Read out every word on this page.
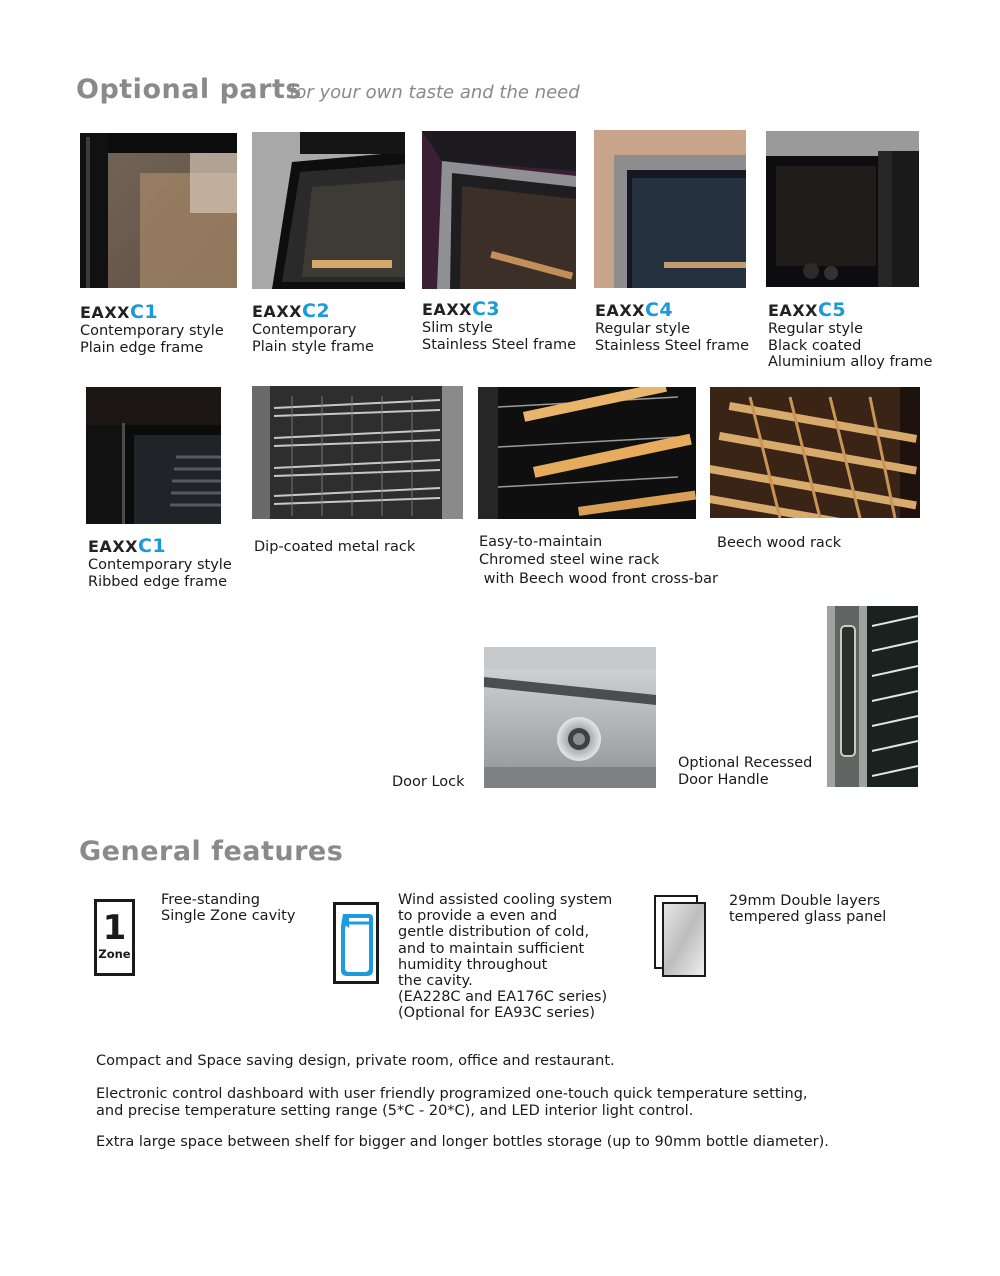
Optional parts
for your own taste and the need
EAXXC1
Contemporary style
Plain edge frame
EAXXC2
Contemporary
Plain style frame
EAXXC3
Slim style
Stainless Steel frame
EAXXC4
Regular style
Stainless Steel frame
EAXXC5
Regular style
Black coated
Aluminium alloy frame
EAXXC1
Contemporary style
Ribbed edge frame
Dip-coated metal rack	Easy-to-maintain
Chromed steel wine rack
with Beech wood front cross-bar
Beech wood rack
Door Lock
Optional Recessed
Door Handle
General features
1
Zone
Free-standing
Single Zone cavity
Wind assisted cooling system
to provide a even and
gentle distribution of cold,
and to maintain sufficient
humidity throughout
the cavity.
(EA228C and EA176C series)
(Optional for EA93C series)
29mm Double layers
tempered glass panel
Compact and Space saving design, private room, office and restaurant.
Electronic control dashboard with user friendly programized one-touch quick temperature setting,
and precise temperature setting range (5*C - 20*C), and LED interior light control.
Extra large space between shelf for bigger and longer bottles storage (up to 90mm bottle diameter).
